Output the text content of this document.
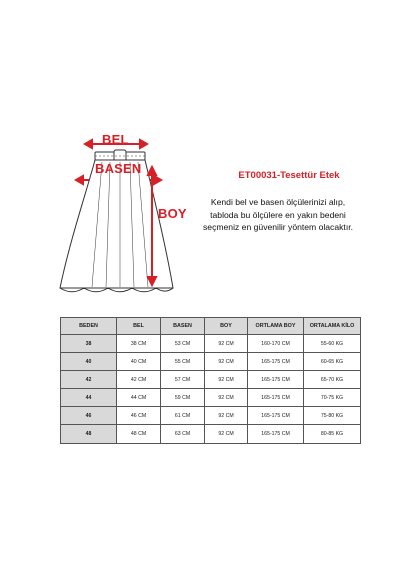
BEL
BASEN
BOY
ET00031-Tesettür Etek
Kendi bel ve basen ölçülerinizi alıp, tabloda bu ölçülere en yakın bedeni seçmeniz en güvenilir yöntem olacaktır.
BEDEN	BEL	BASEN	BOY	ORTLAMA BOY	ORTALAMA KİLO
38	38 CM	53 CM	92 CM	160-170 CM	55-60 KG
40	40 CM	55 CM	92 CM	165-175 CM	60-65 KG
42	42 CM	57 CM	92 CM	165-175 CM	65-70 KG
44	44 CM	59 CM	92 CM	165-175 CM	70-75 KG
46	46 CM	61 CM	92 CM	165-175 CM	75-80 KG
48	48 CM	63 CM	92 CM	165-175 CM	80-85 KG
